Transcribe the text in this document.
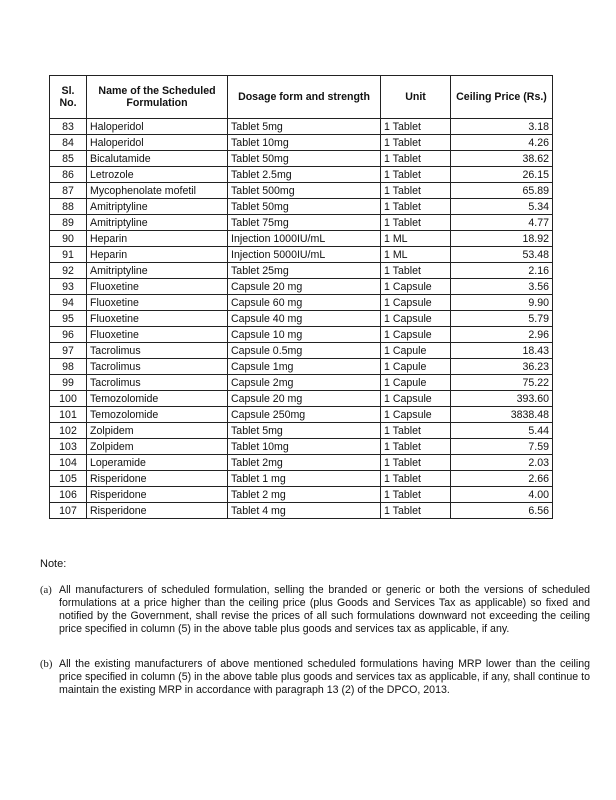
Sl. No.	Name of the Scheduled Formulation	Dosage form and strength	Unit	Ceiling Price (Rs.)
83	Haloperidol	Tablet 5mg	1 Tablet	3.18
84	Haloperidol	Tablet 10mg	1 Tablet	4.26
85	Bicalutamide	Tablet 50mg	1 Tablet	38.62
86	Letrozole	Tablet 2.5mg	1 Tablet	26.15
87	Mycophenolate mofetil	Tablet 500mg	1 Tablet	65.89
88	Amitriptyline	Tablet 50mg	1 Tablet	5.34
89	Amitriptyline	Tablet 75mg	1 Tablet	4.77
90	Heparin	Injection 1000IU/mL	1 ML	18.92
91	Heparin	Injection 5000IU/mL	1 ML	53.48
92	Amitriptyline	Tablet 25mg	1 Tablet	2.16
93	Fluoxetine	Capsule 20 mg	1 Capsule	3.56
94	Fluoxetine	Capsule 60 mg	1 Capsule	9.90
95	Fluoxetine	Capsule 40 mg	1 Capsule	5.79
96	Fluoxetine	Capsule 10 mg	1 Capsule	2.96
97	Tacrolimus	Capsule 0.5mg	1 Capule	18.43
98	Tacrolimus	Capsule 1mg	1 Capule	36.23
99	Tacrolimus	Capsule 2mg	1 Capule	75.22
100	Temozolomide	Capsule 20 mg	1 Capsule	393.60
101	Temozolomide	Capsule 250mg	1 Capsule	3838.48
102	Zolpidem	Tablet 5mg	1 Tablet	5.44
103	Zolpidem	Tablet 10mg	1 Tablet	7.59
104	Loperamide	Tablet 2mg	1 Tablet	2.03
105	Risperidone	Tablet 1 mg	1 Tablet	2.66
106	Risperidone	Tablet 2 mg	1 Tablet	4.00
107	Risperidone	Tablet 4 mg	1 Tablet	6.56
Note:
(a) All manufacturers of scheduled formulation, selling the branded or generic or both the versions of scheduled formulations at a price higher than the ceiling price (plus Goods and Services Tax as applicable) so fixed and notified by the Government, shall revise the prices of all such formulations downward not exceeding the ceiling price specified in column (5) in the above table plus goods and services tax as applicable, if any.
(b) All the existing manufacturers of above mentioned scheduled formulations having MRP lower than the ceiling price specified in column (5) in the above table plus goods and services tax as applicable, if any, shall continue to maintain the existing MRP in accordance with paragraph 13 (2) of the DPCO, 2013.
